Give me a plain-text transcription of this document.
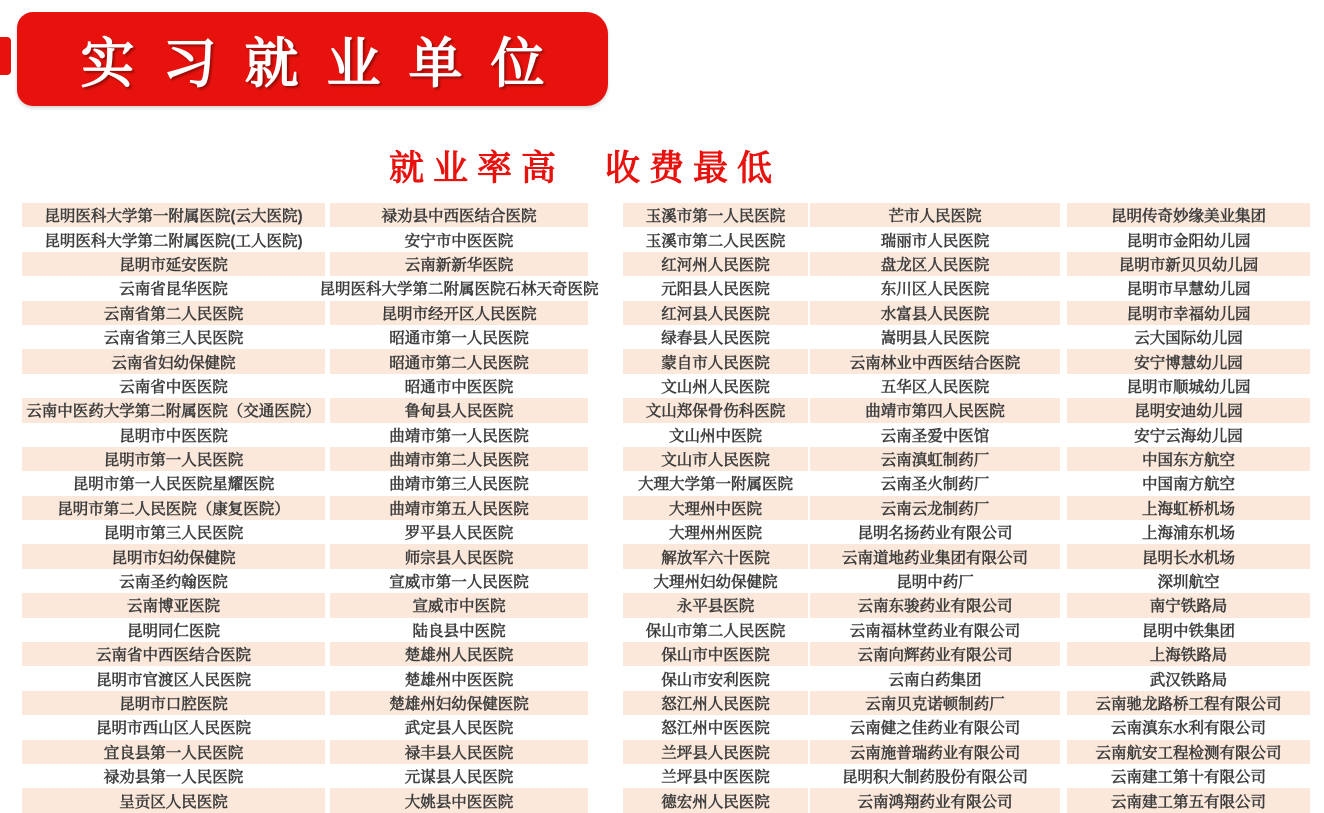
实习就业单位
就业率高 收费最低
昆明医科大学第一附属医院(云大医院)
昆明医科大学第二附属医院(工人医院)
昆明市延安医院
云南省昆华医院
云南省第二人民医院
云南省第三人民医院
云南省妇幼保健院
云南省中医医院
云南中医药大学第二附属医院（交通医院）
昆明市中医医院
昆明市第一人民医院
昆明市第一人民医院星耀医院
昆明市第二人民医院（康复医院）
昆明市第三人民医院
昆明市妇幼保健院
云南圣约翰医院
云南博亚医院
昆明同仁医院
云南省中西医结合医院
昆明市官渡区人民医院
昆明市口腔医院
昆明市西山区人民医院
宜良县第一人民医院
禄劝县第一人民医院
呈贡区人民医院
禄劝县中西医结合医院
安宁市中医医院
云南新新华医院
昆明医科大学第二附属医院石林天奇医院
昆明市经开区人民医院
昭通市第一人民医院
昭通市第二人民医院
昭通市中医医院
鲁甸县人民医院
曲靖市第一人民医院
曲靖市第二人民医院
曲靖市第三人民医院
曲靖市第五人民医院
罗平县人民医院
师宗县人民医院
宣威市第一人民医院
宣威市中医院
陆良县中医院
楚雄州人民医院
楚雄州中医医院
楚雄州妇幼保健医院
武定县人民医院
禄丰县人民医院
元谋县人民医院
大姚县中医医院
玉溪市第一人民医院
玉溪市第二人民医院
红河州人民医院
元阳县人民医院
红河县人民医院
绿春县人民医院
蒙自市人民医院
文山州人民医院
文山郑保骨伤科医院
文山州中医院
文山市人民医院
大理大学第一附属医院
大理州中医院
大理州州医院
解放军六十医院
大理州妇幼保健院
永平县医院
保山市第二人民医院
保山市中医医院
保山市安利医院
怒江州人民医院
怒江州中医医院
兰坪县人民医院
兰坪县中医医院
德宏州人民医院
芒市人民医院
瑞丽市人民医院
盘龙区人民医院
东川区人民医院
水富县人民医院
嵩明县人民医院
云南林业中西医结合医院
五华区人民医院
曲靖市第四人民医院
云南圣爱中医馆
云南滇虹制药厂
云南圣火制药厂
云南云龙制药厂
昆明名扬药业有限公司
云南道地药业集团有限公司
昆明中药厂
云南东骏药业有限公司
云南福林堂药业有限公司
云南向辉药业有限公司
云南白药集团
云南贝克诺顿制药厂
云南健之佳药业有限公司
云南施普瑞药业有限公司
昆明积大制药股份有限公司
云南鸿翔药业有限公司
昆明传奇妙缘美业集团
昆明市金阳幼儿园
昆明市新贝贝幼儿园
昆明市早慧幼儿园
昆明市幸福幼儿园
云大国际幼儿园
安宁博慧幼儿园
昆明市顺城幼儿园
昆明安迪幼儿园
安宁云海幼儿园
中国东方航空
中国南方航空
上海虹桥机场
上海浦东机场
昆明长水机场
深圳航空
南宁铁路局
昆明中铁集团
上海铁路局
武汉铁路局
云南驰龙路桥工程有限公司
云南滇东水利有限公司
云南航安工程检测有限公司
云南建工第十有限公司
云南建工第五有限公司
